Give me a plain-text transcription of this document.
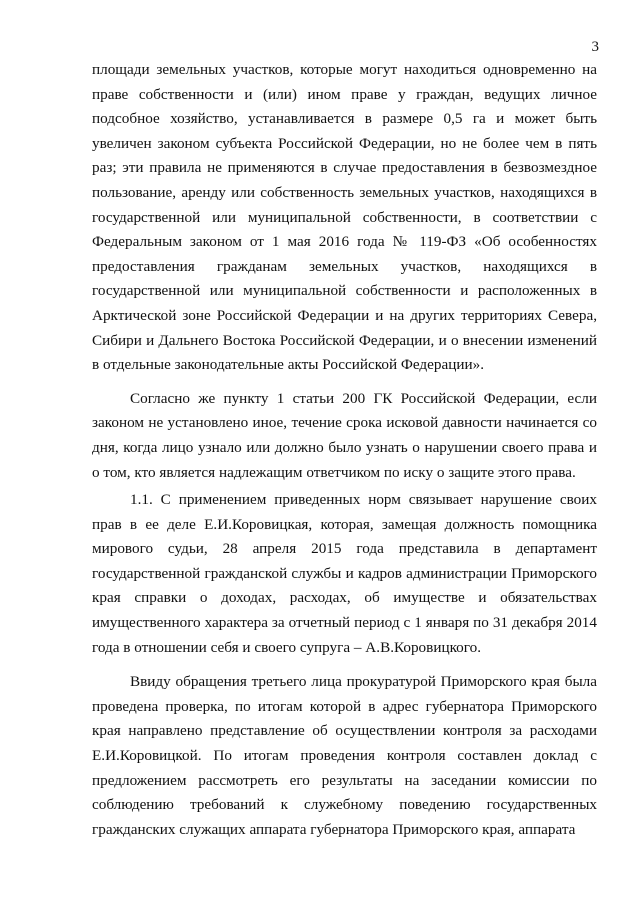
3

площади земельных участков, которые могут находиться одновременно на праве собственности и (или) ином праве у граждан, ведущих личное подсобное хозяйство, устанавливается в размере 0,5 га и может быть увеличен законом субъекта Российской Федерации, но не более чем в пять раз; эти правила не применяются в случае предоставления в безвозмездное пользование, аренду или собственность земельных участков, находящихся в государственной или муниципальной собственности, в соответствии с Федеральным законом от 1 мая 2016 года № 119-ФЗ «Об особенностях предоставления гражданам земельных участков, находящихся в государственной или муниципальной собственности и расположенных в Арктической зоне Российской Федерации и на других территориях Севера, Сибири и Дальнего Востока Российской Федерации, и о внесении изменений в отдельные законодательные акты Российской Федерации».

Согласно же пункту 1 статьи 200 ГК Российской Федерации, если законом не установлено иное, течение срока исковой давности начинается со дня, когда лицо узнало или должно было узнать о нарушении своего права и о том, кто является надлежащим ответчиком по иску о защите этого права.

1.1. С применением приведенных норм связывает нарушение своих прав в ее деле Е.И.Коровицкая, которая, замещая должность помощника мирового судьи, 28 апреля 2015 года представила в департамент государственной гражданской службы и кадров администрации Приморского края справки о доходах, расходах, об имуществе и обязательствах имущественного характера за отчетный период с 1 января по 31 декабря 2014 года в отношении себя и своего супруга – А.В.Коровицкого.

Ввиду обращения третьего лица прокуратурой Приморского края была проведена проверка, по итогам которой в адрес губернатора Приморского края направлено представление об осуществлении контроля за расходами Е.И.Коровицкой. По итогам проведения контроля составлен доклад с предложением рассмотреть его результаты на заседании комиссии по соблюдению требований к служебному поведению государственных гражданских служащих аппарата губернатора Приморского края, аппарата
